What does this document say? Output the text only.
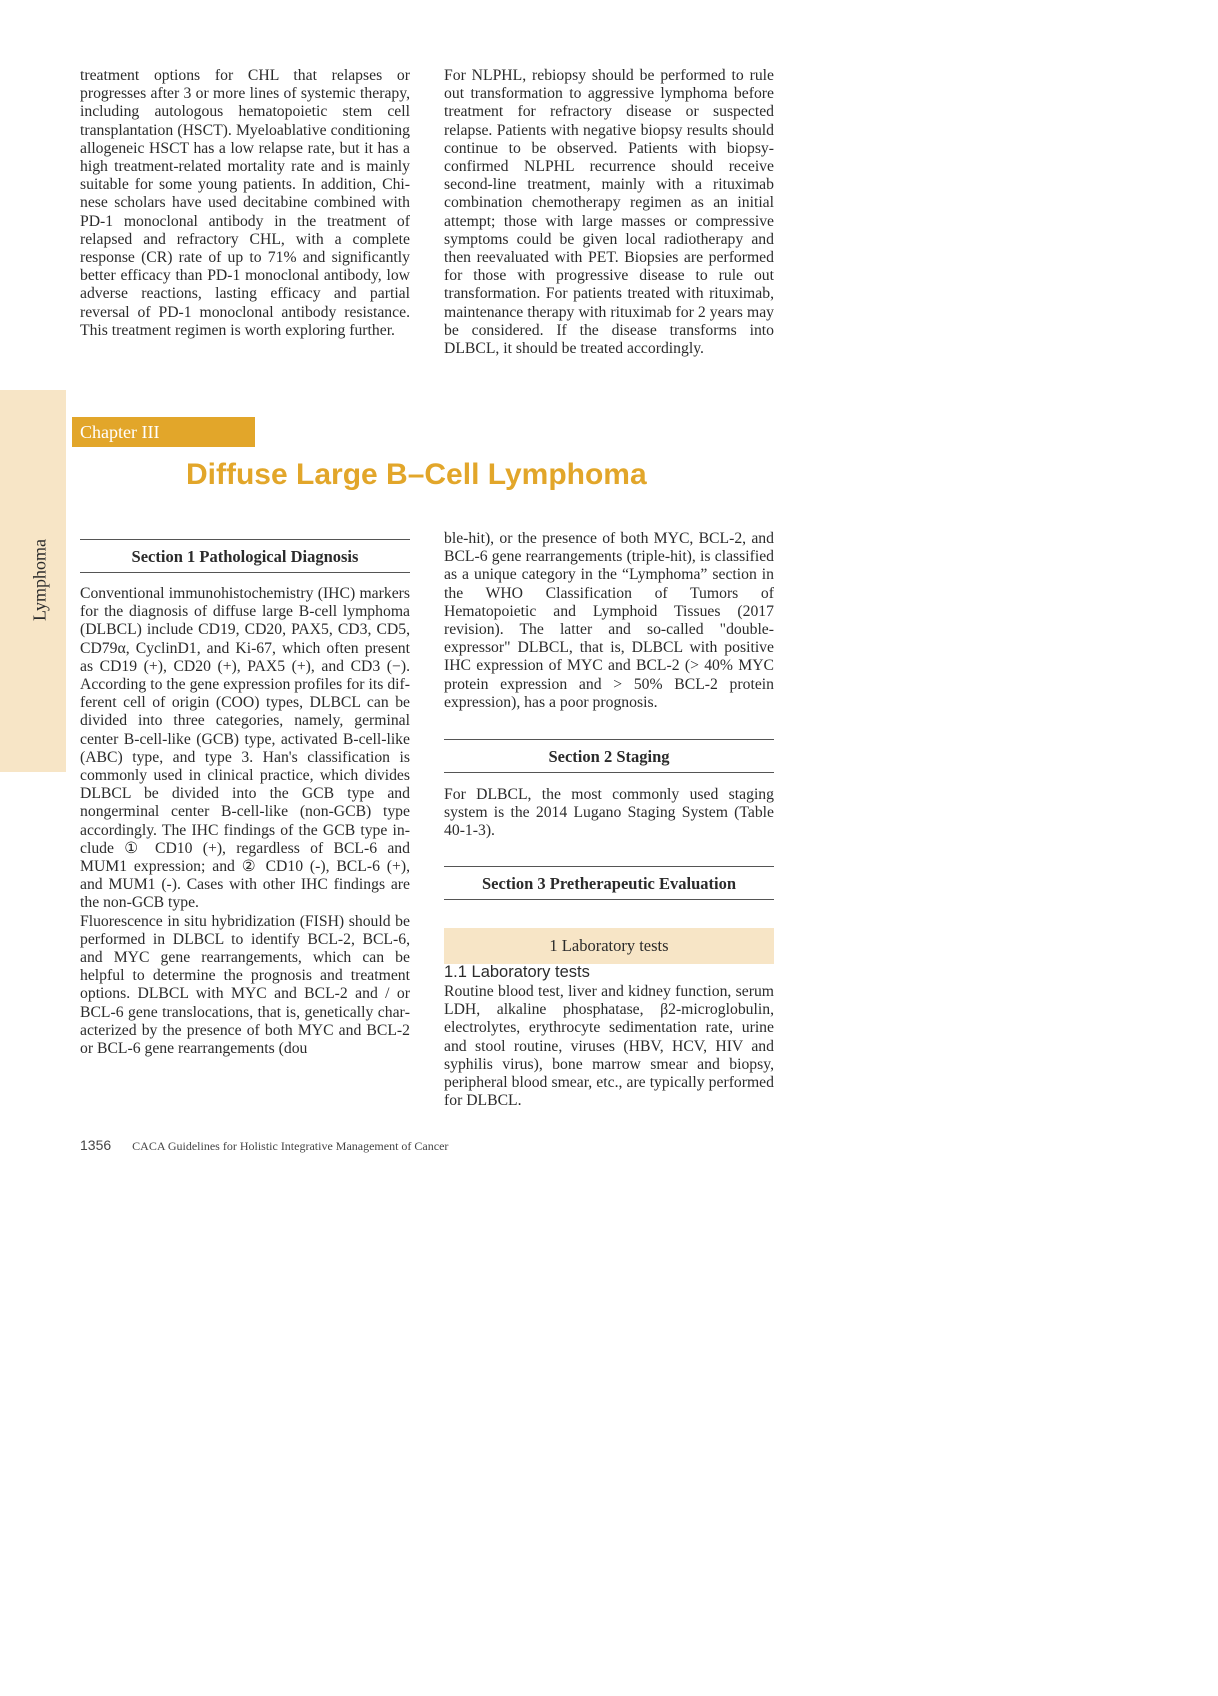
Lymphoma

treatment options for CHL that relapses or progresses after 3 or more lines of systemic therapy, including autologous hematopoietic stem cell transplantation (HSCT). Myeloablative conditioning allogeneic HSCT has a low relapse rate, but it has a high treatment-related mortality rate and is mainly suitable for some young patients. In addition, Chinese scholars have used decitabine combined with PD-1 monoclonal antibody in the treatment of relapsed and refractory CHL, with a complete response (CR) rate of up to 71% and significantly better efficacy than PD-1 monoclonal antibody, low adverse reactions, lasting efficacy and partial reversal of PD-1 monoclonal antibody resistance. This treatment regimen is worth exploring further.

For NLPHL, rebiopsy should be performed to rule out transformation to aggressive lymphoma before treatment for refractory disease or suspected relapse. Patients with negative biopsy results should continue to be observed. Patients with biopsy-confirmed NLPHL recurrence should receive second-line treatment, mainly with a rituximab combination chemotherapy regimen as an initial attempt; those with large masses or compressive symptoms could be given local radiotherapy and then reevaluated with PET. Biopsies are performed for those with progressive disease to rule out transformation. For patients treated with rituximab, maintenance therapy with rituximab for 2 years may be considered. If the disease transforms into DLBCL, it should be treated accordingly.

Chapter III
Diffuse Large B–Cell Lymphoma
Section 1 Pathological Diagnosis

Conventional immunohistochemistry (IHC) markers for the diagnosis of diffuse large B-cell lymphoma (DLBCL) include CD19, CD20, PAX5, CD3, CD5, CD79α, CyclinD1, and Ki-67, which often present as CD19 (+), CD20 (+), PAX5 (+), and CD3 (−). According to the gene expression profiles for its different cell of origin (COO) types, DLBCL can be divided into three categories, namely, germinal center B-cell-like (GCB) type, activated B-cell-like (ABC) type, and type 3. Han's classification is commonly used in clinical practice, which divides DLBCL be divided into the GCB type and nongerminal center B-cell-like (non-GCB) type accordingly. The IHC findings of the GCB type include ① CD10 (+), regardless of BCL-6 and MUM1 expression; and ② CD10 (-), BCL-6 (+), and MUM1 (-). Cases with other IHC findings are the non-GCB type.

Fluorescence in situ hybridization (FISH) should be performed in DLBCL to identify BCL-2, BCL-6, and MYC gene rearrangements, which can be helpful to determine the prognosis and treatment options. DLBCL with MYC and BCL-2 and / or BCL-6 gene translocations, that is, genetically characterized by the presence of both MYC and BCL-2 or BCL-6 gene rearrangements (dou

ble-hit), or the presence of both MYC, BCL-2, and BCL-6 gene rearrangements (triple-hit), is classified as a unique category in the “Lymphoma” section in the WHO Classification of Tumors of Hematopoietic and Lymphoid Tissues (2017 revision). The latter and so-called "double-expressor" DLBCL, that is, DLBCL with positive IHC expression of MYC and BCL-2 (> 40% MYC protein expression and > 50% BCL-2 protein expression), has a poor prognosis.

Section 2 Staging

For DLBCL, the most commonly used staging system is the 2014 Lugano Staging System (Table 40-1-3).

Section 3 Pretherapeutic Evaluation
1 Laboratory tests
1.1 Laboratory tests

Routine blood test, liver and kidney function, serum LDH, alkaline phosphatase, β2-microglobulin, electrolytes, erythrocyte sedimentation rate, urine and stool routine, viruses (HBV, HCV, HIV and syphilis virus), bone marrow smear and biopsy, peripheral blood smear, etc., are typically performed for DLBCL.

1356 CACA Guidelines for Holistic Integrative Management of Cancer
